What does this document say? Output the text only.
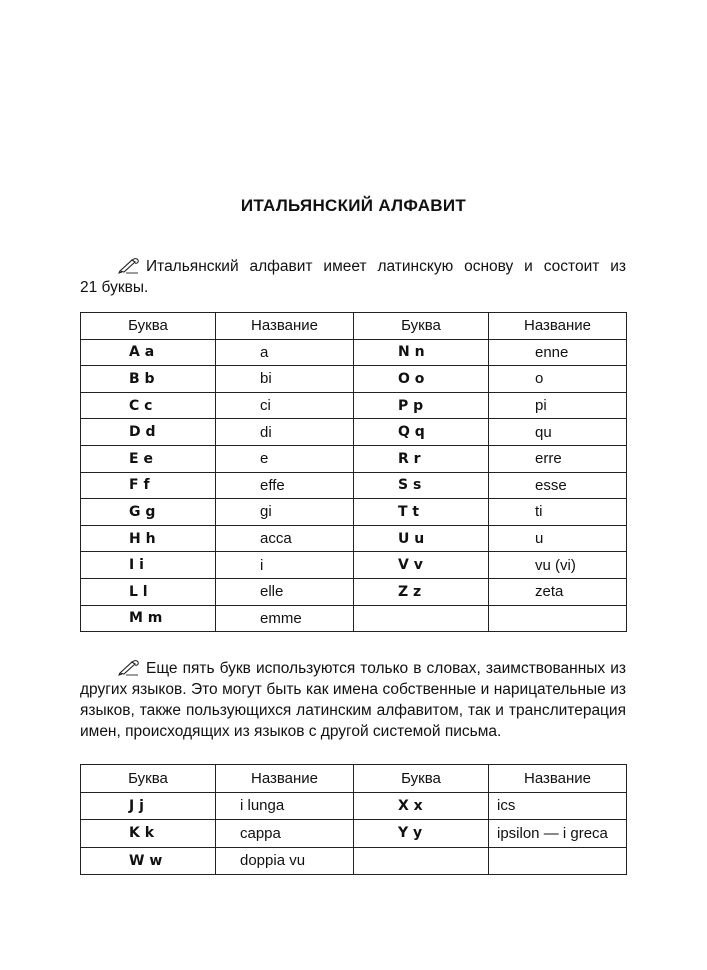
ИТАЛЬЯНСКИЙ АЛФАВИТ
Итальянский алфавит имеет латинскую основу и состоит из
21 буквы.
Буква	Название	Буква	Название
A a	a	N n	enne
B b	bi	O o	o
C c	ci	P p	pi
D d	di	Q q	qu
E e	e	R r	erre
F f	effe	S s	esse
G g	gi	T t	ti
H h	acca	U u	u
I i	i	V v	vu (vi)
L l	elle	Z z	zeta
M m	emme		
Еще пять букв используются только в словах, заимствованных из других языков. Это могут быть как имена собственные и нарицательные из языков, также пользующихся латинским алфавитом, так и транслитерация имен, происходящих из языков с другой системой письма.
Буква	Название	Буква	Название
J j	i lunga	X x	ics
K k	cappa	Y y	ipsilon — i greca
W w	doppia vu		
